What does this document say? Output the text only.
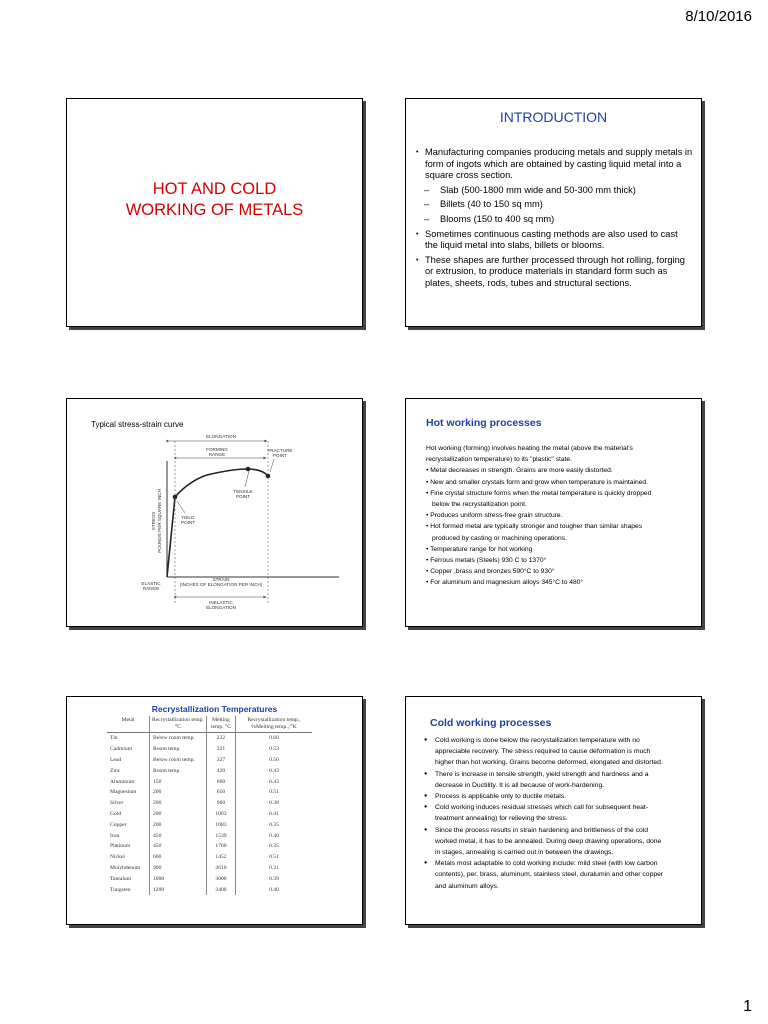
8/10/2016
HOT AND COLD
WORKING OF METALS
INTRODUCTION
• Manufacturing companies producing metals and supply metals in form of ingots which are obtained by casting liquid metal into a square cross section.
– Slab (500-1800 mm wide and 50-300 mm thick)
– Billets (40 to 150 sq mm)
– Blooms (150 to 400 sq mm)
• Sometimes continuous casting methods are also used to cast the liquid metal into slabs, billets or blooms.
• These shapes are further processed through hot rolling, forging or extrusion, to produce materials in standard form such as plates, sheets, rods, tubes and structural sections.
Typical stress-strain curve
ELONGATION
FRACTURE
POINT
FORMING
RANGE
TENSILE
POINT
YIELD
POINT
STRESS POUNDS PER SQUARE INCH
STRAIN
(INCHES OF ELONGATION PER INCH)
ELASTIC
RANGE
INELASTIC
ELONGATION
Hot working processes
Hot working (forming) involves heating the metal (above the material's
recrystallization temperature) to its "plastic" state.
• Metal decreases in strength. Grains are more easily distorted.
• New and smaller crystals form and grow when temperature is maintained.
• Fine crystal structure forms when the metal temperature is quickly dropped
below the recrystallization point.
• Produces uniform stress-free grain structure.
• Hot formed metal are typically stronger and tougher than similar shapes
produced by casting or machining operations.
• Temperature range for hot working
• Ferrous metals (Steels) 930 C to 1370°
• Copper ,brass and bronzes 590°C to 930°
• For aluminum and magnesium alloys 345°C to 480°
Recrystallization Temperatures
Metal	Recrystallization temp. °C	Melting temp. °C	Recrystallization temp., %Melting temp., °K
Tin	Below room temp.	232	0.60
Cadmium	Room temp.	321	0.53
Lead	Below room temp.	327	0.50
Zinc	Room temp.	420	0.43
Aluminum	150	660	0.43
Magnesium	200	650	0.51
Silver	200	960	0.38
Gold	200	1063	0.41
Copper	200	1083	0.35
Iron	450	1539	0.40
Platinum	450	1760	0.35
Nickel	600	1452	0.51
Molybdenum	900	2610	0.31
Tantalum	1000	3000	0.39
Tungsten	1200	3400	0.40
Cold working processes
● Cold working is done below the recrystallization temperature with no
appreciable recovery. The stress required to cause deformation is much
higher than hot working. Grains become deformed, elongated and distorted.
● There is increase in tensile strength, yield strength and hardness and a
decrease in Ductility. It is all because of work-hardening.
● Process is applicable only to ductile metals.
● Cold working induces residual stresses which call for subsequent heat-
treatment annealing) for relieving the stress.
● Since the process results in strain hardening and brittleness of the cold
worked metal, it has to be annealed. During deep drawing operations, done
in stages, annealing is carried out in between the drawings.
● Metals most adaptable to cold working include: mild steel (with low carbon
contents), per, brass, aluminum, stainless steel, duralumin and other copper
and aluminum alloys.
1
